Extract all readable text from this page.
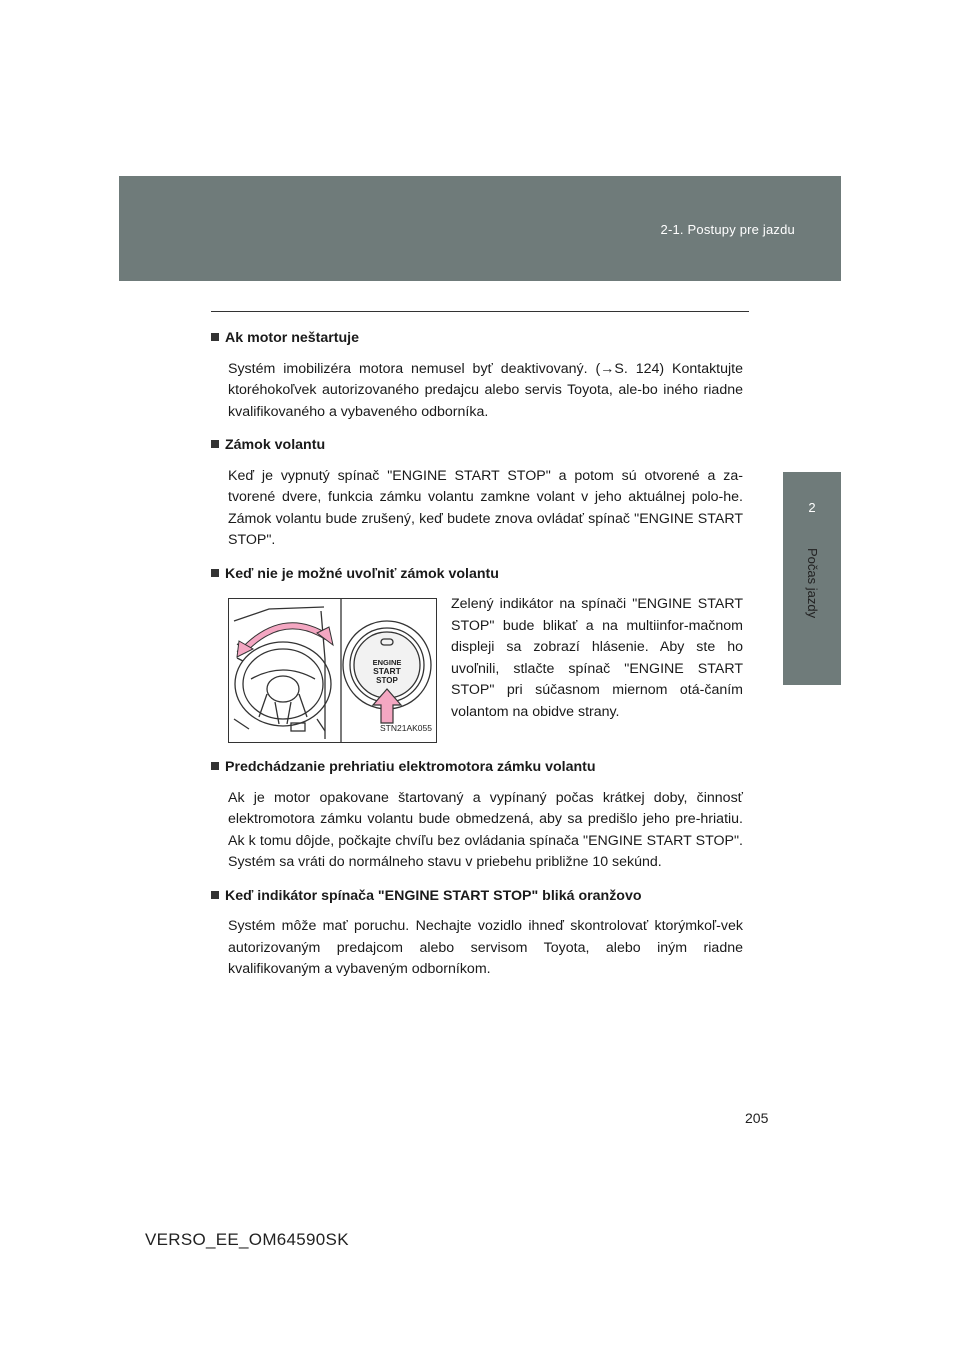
2-1. Postupy pre jazdu
2
Počas jazdy
Ak motor neštartuje
Systém imobilizéra motora nemusel byť deaktivovaný. (→S. 124) Kontaktujte ktoréhokoľvek autorizovaného predajcu alebo servis Toyota, ale-bo iného riadne kvalifikovaného a vybaveného odborníka.
Zámok volantu
Keď je vypnutý spínač "ENGINE START STOP" a potom sú otvorené a za-tvorené dvere, funkcia zámku volantu zamkne volant v jeho aktuálnej polo-he. Zámok volantu bude zrušený, keď budete znova ovládať spínač "ENGINE START STOP".
Keď nie je možné uvoľniť zámok volantu
ENGINE
START
STOP
STN21AK055
Zelený indikátor na spínači "ENGINE START STOP" bude blikať a na multiinfor-mačnom displeji sa zobrazí hlásenie. Aby ste ho uvoľnili, stlačte spínač "ENGINE START STOP" pri súčasnom miernom otá-čaním volantom na obidve strany.
Predchádzanie prehriatiu elektromotora zámku volantu
Ak je motor opakovane štartovaný a vypínaný počas krátkej doby, činnosť elektromotora zámku volantu bude obmedzená, aby sa predišlo jeho pre-hriatiu. Ak k tomu dôjde, počkajte chvíľu bez ovládania spínača "ENGINE START STOP". Systém sa vráti do normálneho stavu v priebehu približne 10 sekúnd.
Keď indikátor spínača "ENGINE START STOP" bliká oranžovo
Systém môže mať poruchu. Nechajte vozidlo ihneď skontrolovať ktorýmkoľ-vek autorizovaným predajcom alebo servisom Toyota, alebo iným riadne kvalifikovaným a vybaveným odborníkom.
205
VERSO_EE_OM64590SK
